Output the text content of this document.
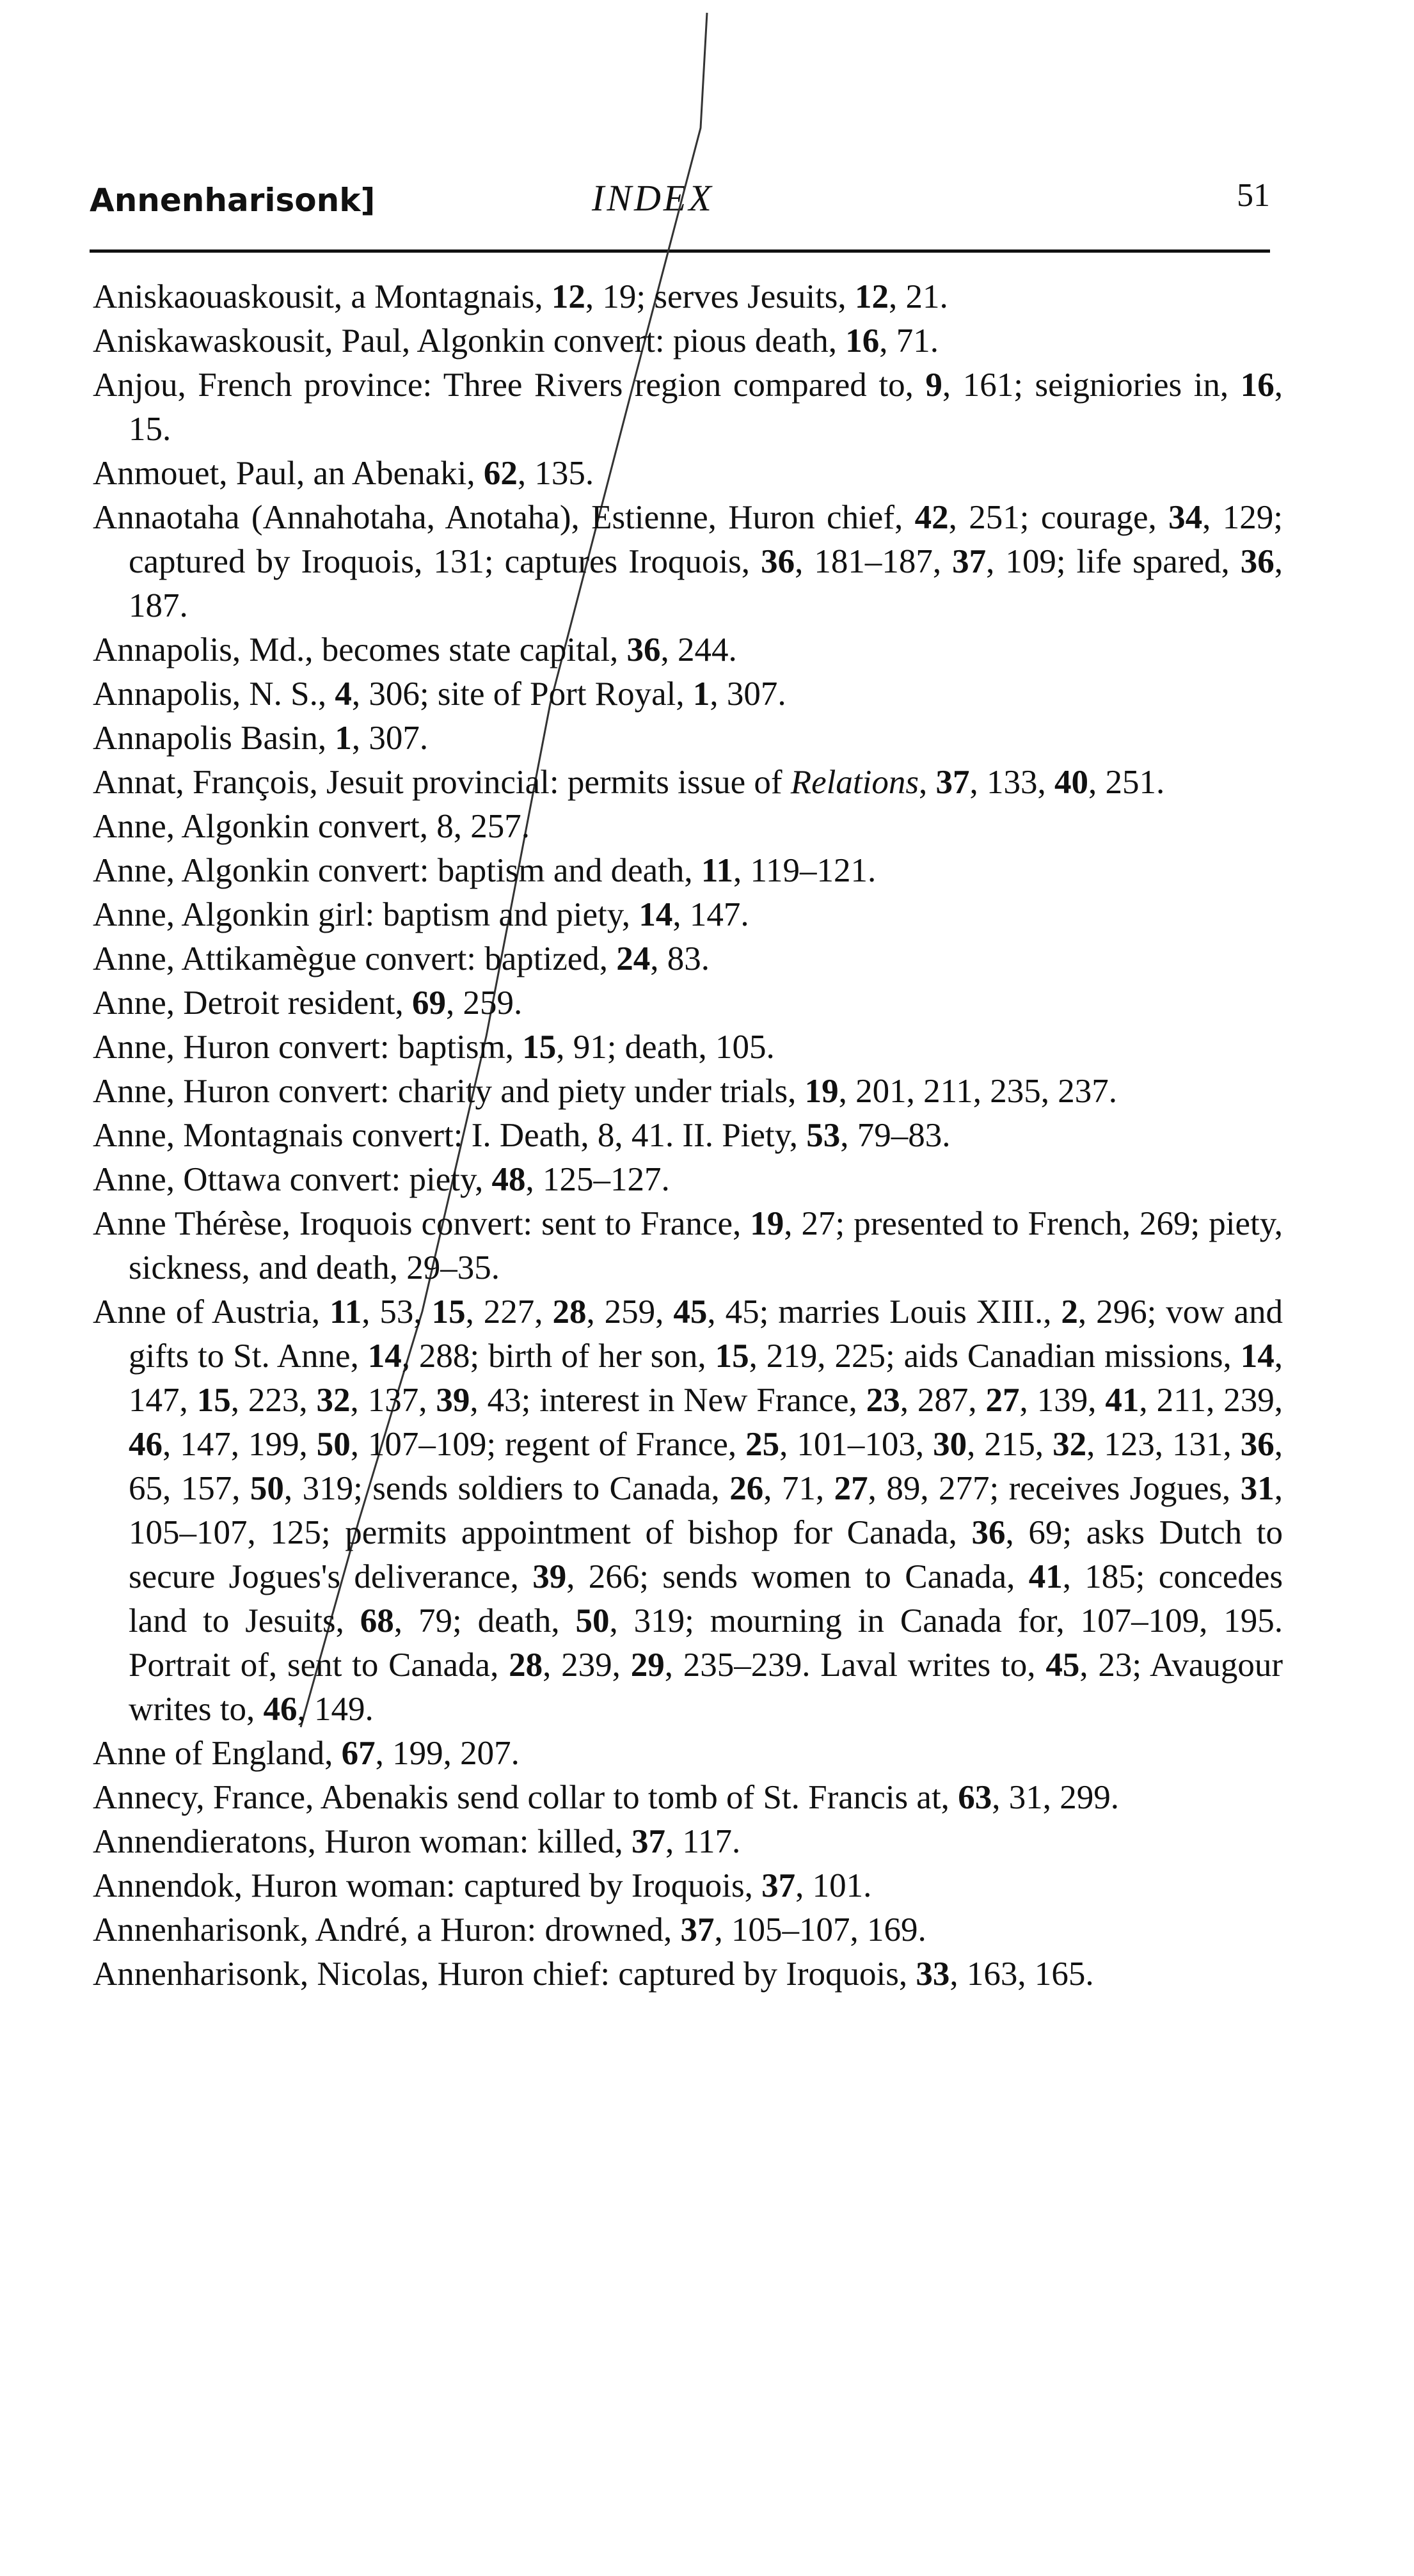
Annenharisonk]	INDEX	51
Aniskaouaskousit, a Montagnais, 12, 19; serves Jesuits, 12, 21.
Aniskawaskousit, Paul, Algonkin convert: pious death, 16, 71.
Anjou, French province: Three Rivers region compared to, 9, 161; seigniories in, 16, 15.
Anmouet, Paul, an Abenaki, 62, 135.
Annaotaha (Annahotaha, Anotaha), Estienne, Huron chief, 42, 251; courage, 34, 129; captured by Iroquois, 131; captures Iroquois, 36, 181–187, 37, 109; life spared, 36, 187.
Annapolis, Md., becomes state capital, 36, 244.
Annapolis, N. S., 4, 306; site of Port Royal, 1, 307.
Annapolis Basin, 1, 307.
Annat, François, Jesuit provincial: permits issue of Relations, 37, 133, 40, 251.
Anne, Algonkin convert, 8, 257.
Anne, Algonkin convert: baptism and death, 11, 119–121.
Anne, Algonkin girl: baptism and piety, 14, 147.
Anne, Attikamègue convert: baptized, 24, 83.
Anne, Detroit resident, 69, 259.
Anne, Huron convert: baptism, 15, 91; death, 105.
Anne, Huron convert: charity and piety under trials, 19, 201, 211, 235, 237.
Anne, Montagnais convert: I. Death, 8, 41. II. Piety, 53, 79–83.
Anne, Ottawa convert: piety, 48, 125–127.
Anne Thérèse, Iroquois convert: sent to France, 19, 27; presented to French, 269; piety, sickness, and death, 29–35.
Anne of Austria, 11, 53, 15, 227, 28, 259, 45, 45; marries Louis XIII., 2, 296; vow and gifts to St. Anne, 14, 288; birth of her son, 15, 219, 225; aids Canadian missions, 14, 147, 15, 223, 32, 137, 39, 43; interest in New France, 23, 287, 27, 139, 41, 211, 239, 46, 147, 199, 50, 107–109; regent of France, 25, 101–103, 30, 215, 32, 123, 131, 36, 65, 157, 50, 319; sends soldiers to Canada, 26, 71, 27, 89, 277; receives Jogues, 31, 105–107, 125; permits appointment of bishop for Canada, 36, 69; asks Dutch to secure Jogues's deliverance, 39, 266; sends women to Canada, 41, 185; concedes land to Jesuits, 68, 79; death, 50, 319; mourning in Canada for, 107–109, 195. Portrait of, sent to Canada, 28, 239, 29, 235–239. Laval writes to, 45, 23; Avaugour writes to, 46, 149.
Anne of England, 67, 199, 207.
Annecy, France, Abenakis send collar to tomb of St. Francis at, 63, 31, 299.
Annendieratons, Huron woman: killed, 37, 117.
Annendok, Huron woman: captured by Iroquois, 37, 101.
Annenharisonk, André, a Huron: drowned, 37, 105–107, 169.
Annenharisonk, Nicolas, Huron chief: captured by Iroquois, 33, 163, 165.
